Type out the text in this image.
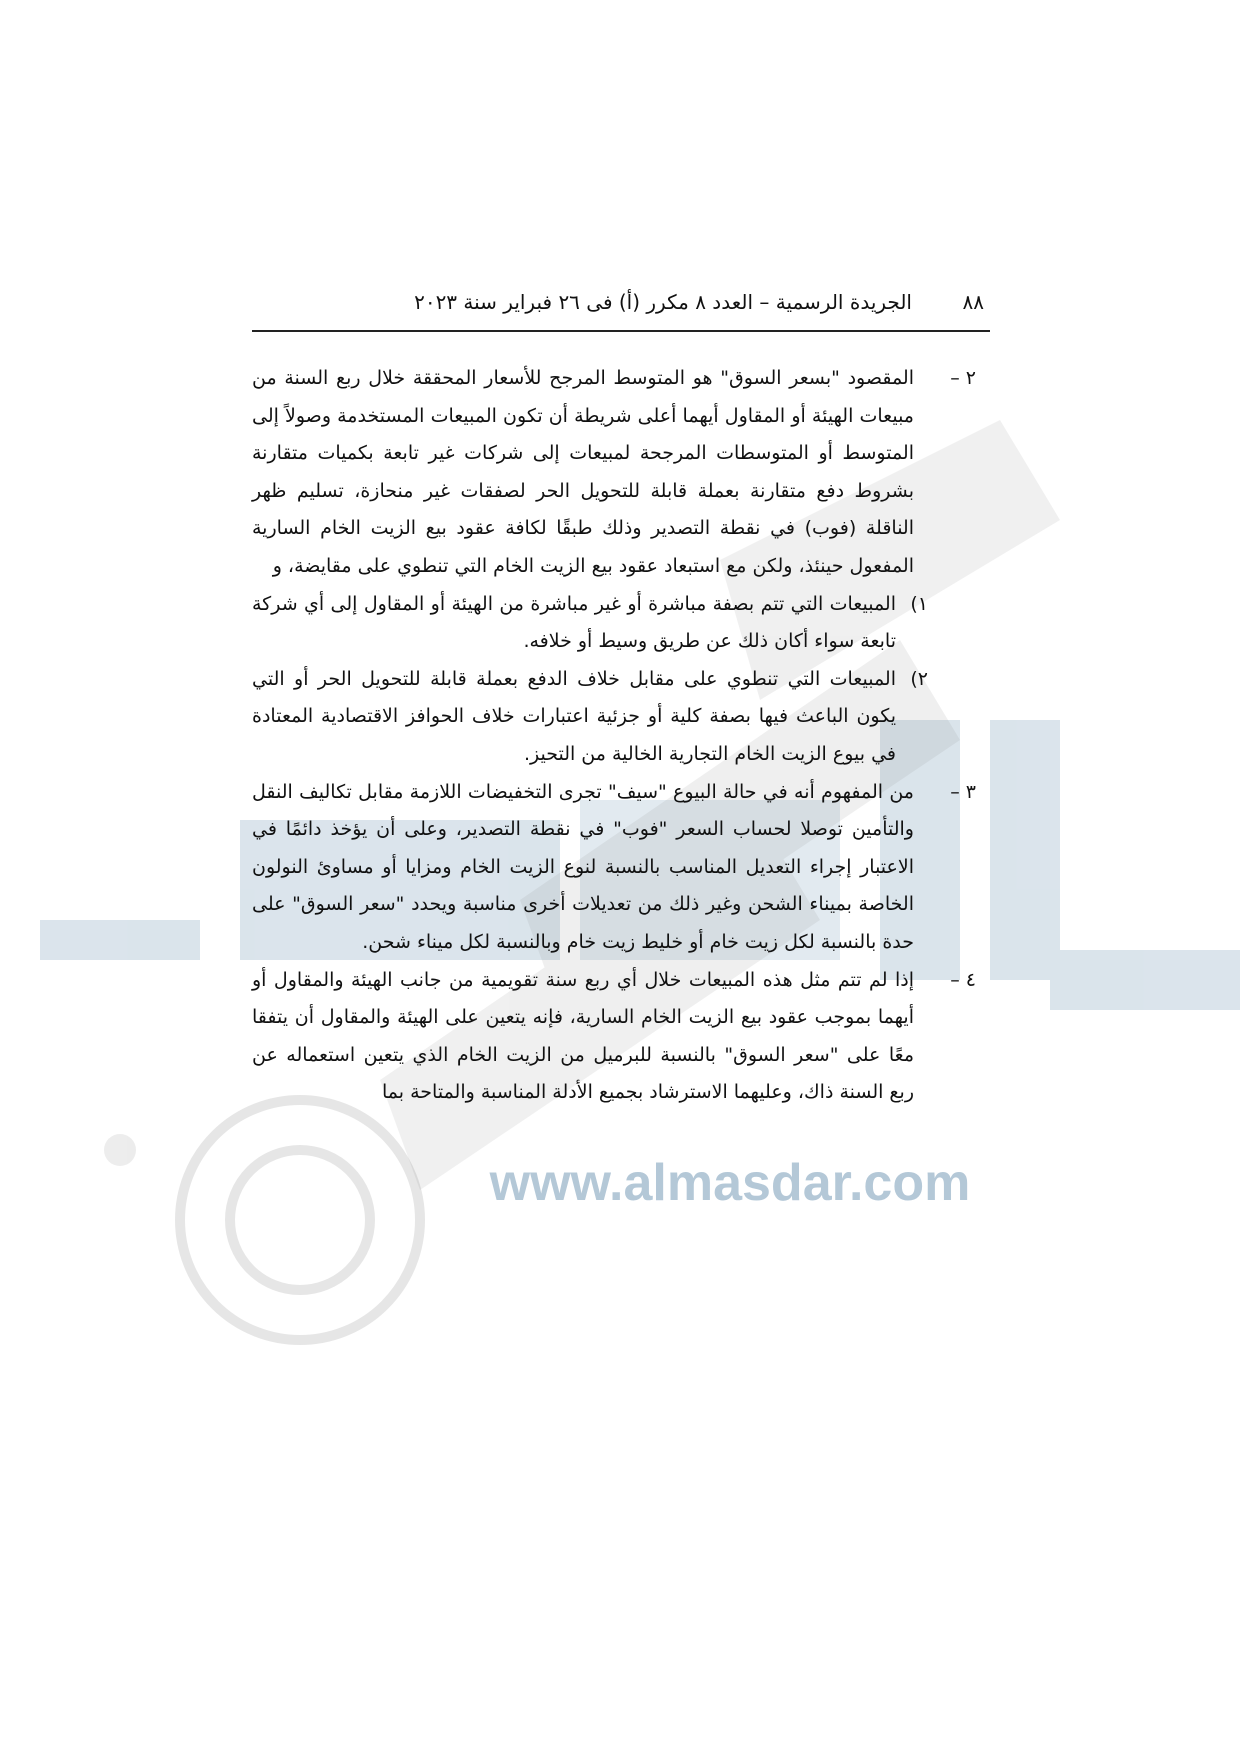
www.almasdar.com
٨٨
الجريدة الرسمية – العدد ٨ مكرر (أ) فى ٢٦ فبراير سنة ٢٠٢٣
٢ –
المقصود "بسعر السوق" هو المتوسط المرجح للأسعار المحققة خلال ربع السنة من مبيعات الهيئة أو المقاول أيهما أعلى شريطة أن تكون المبيعات المستخدمة وصولاً إلى المتوسط أو المتوسطات المرجحة لمبيعات إلى شركات غير تابعة بكميات متقارنة بشروط دفع متقارنة بعملة قابلة للتحويل الحر لصفقات غير منحازة، تسليم ظهر الناقلة (فوب) في نقطة التصدير وذلك طبقًا لكافة عقود بيع الزيت الخام السارية المفعول حينئذ، ولكن مع استبعاد عقود بيع الزيت الخام التي تنطوي على مقايضة، و
١)
المبيعات التي تتم بصفة مباشرة أو غير مباشرة من الهيئة أو المقاول إلى أي شركة تابعة سواء أكان ذلك عن طريق وسيط أو خلافه.
٢)
المبيعات التي تنطوي على مقابل خلاف الدفع بعملة قابلة للتحويل الحر أو التي يكون الباعث فيها بصفة كلية أو جزئية اعتبارات خلاف الحوافز الاقتصادية المعتادة في بيوع الزيت الخام التجارية الخالية من التحيز.
٣ –
من المفهوم أنه في حالة البيوع "سيف" تجرى التخفيضات اللازمة مقابل تكاليف النقل والتأمين توصلا لحساب السعر "فوب" في نقطة التصدير، وعلى أن يؤخذ دائمًا في الاعتبار إجراء التعديل المناسب بالنسبة لنوع الزيت الخام ومزايا أو مساوئ النولون الخاصة بميناء الشحن وغير ذلك من تعديلات أخرى مناسبة ويحدد "سعر السوق" على حدة بالنسبة لكل زيت خام أو خليط زيت خام وبالنسبة لكل ميناء شحن.
٤ –
إذا لم تتم مثل هذه المبيعات خلال أي ربع سنة تقويمية من جانب الهيئة والمقاول أو أيهما بموجب عقود بيع الزيت الخام السارية، فإنه يتعين على الهيئة والمقاول أن يتفقا معًا على "سعر السوق" بالنسبة للبرميل من الزيت الخام الذي يتعين استعماله عن ربع السنة ذاك، وعليهما الاسترشاد بجميع الأدلة المناسبة والمتاحة بما
